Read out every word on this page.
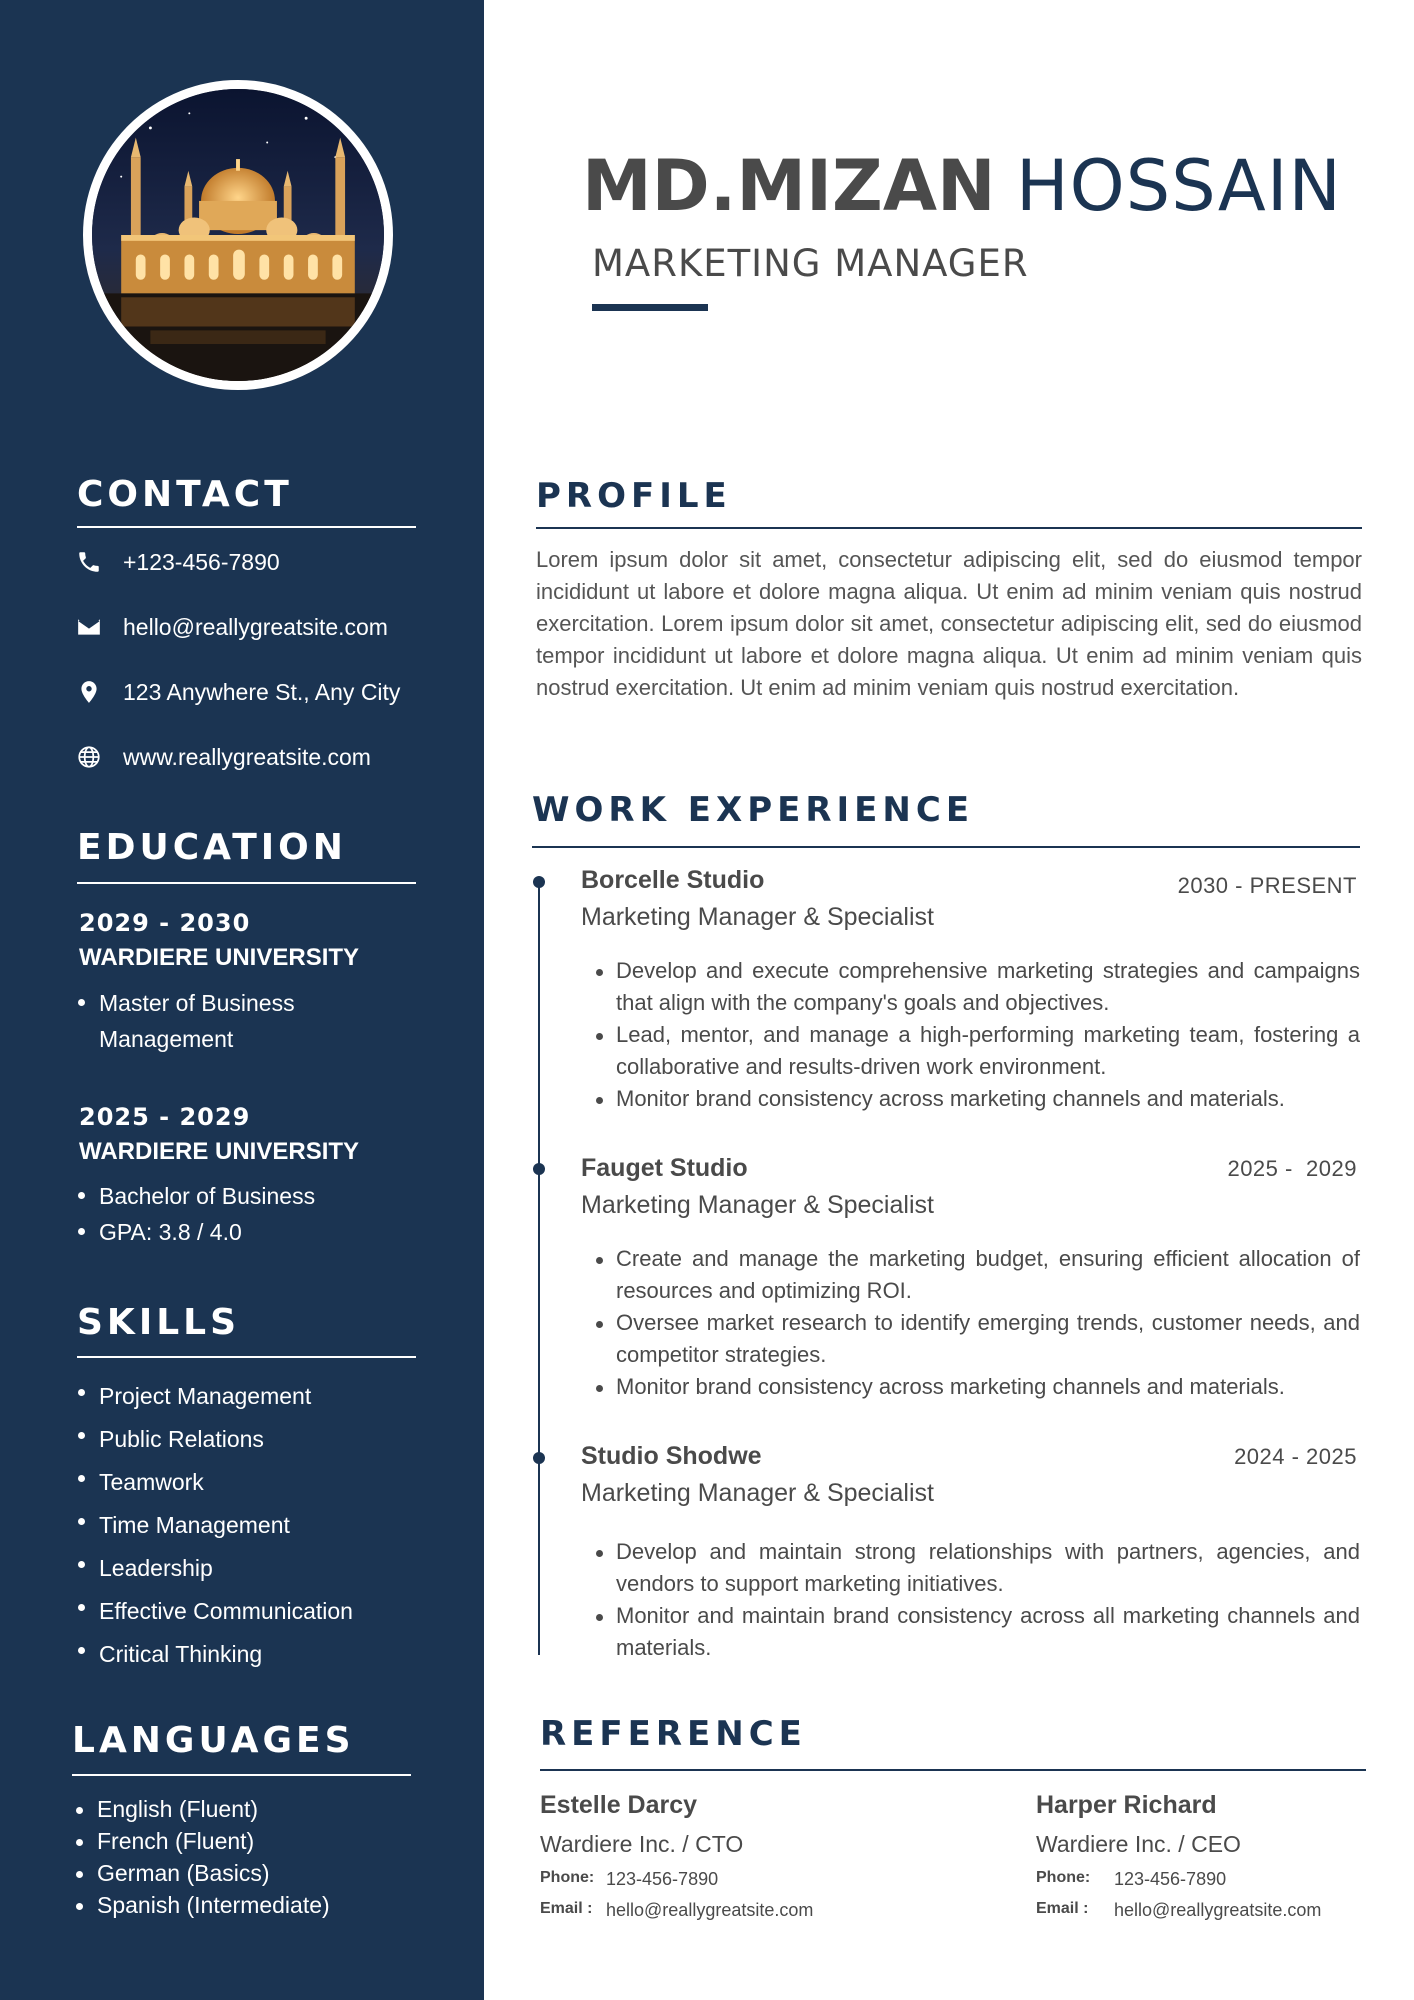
CONTACT
+123-456-7890
hello@reallygreatsite.com
123 Anywhere St., Any City
www.reallygreatsite.com
EDUCATION
2029 - 2030
WARDIERE UNIVERSITY
Master of Business Management
2025 - 2029
WARDIERE UNIVERSITY
Bachelor of Business
GPA: 3.8 / 4.0
SKILLS
Project Management
Public Relations
Teamwork
Time Management
Leadership
Effective Communication
Critical Thinking
LANGUAGES
English (Fluent)
French (Fluent)
German (Basics)
Spanish (Intermediate)
MD.MIZAN HOSSAIN
MARKETING MANAGER
PROFILE
Lorem ipsum dolor sit amet, consectetur adipiscing elit, sed do eiusmod tempor incididunt ut labore et dolore magna aliqua. Ut enim ad minim veniam quis nostrud exercitation. Lorem ipsum dolor sit amet, consectetur adipiscing elit, sed do eiusmod tempor incididunt ut labore et dolore magna aliqua. Ut enim ad minim veniam quis nostrud exercitation. Ut enim ad minim veniam quis nostrud exercitation.
WORK EXPERIENCE
Borcelle Studio	2030 - PRESENT
Marketing Manager & Specialist
Develop and execute comprehensive marketing strategies and campaigns that align with the company's goals and objectives.
Lead, mentor, and manage a high-performing marketing team, fostering a collaborative and results-driven work environment.
Monitor brand consistency across marketing channels and materials.
Fauget Studio	2025 -  2029
Marketing Manager & Specialist
Create and manage the marketing budget, ensuring efficient allocation of resources and optimizing ROI.
Oversee market research to identify emerging trends, customer needs, and competitor strategies.
Monitor brand consistency across marketing channels and materials.
Studio Shodwe	2024 - 2025
Marketing Manager & Specialist
Develop and maintain strong relationships with partners, agencies, and vendors to support marketing initiatives.
Monitor and maintain brand consistency across all marketing channels and materials.
REFERENCE
Estelle Darcy
Wardiere Inc. / CTO
Phone: 123-456-7890
Email : hello@reallygreatsite.com
Harper Richard
Wardiere Inc. / CEO
Phone:	123-456-7890
Email :	hello@reallygreatsite.com
